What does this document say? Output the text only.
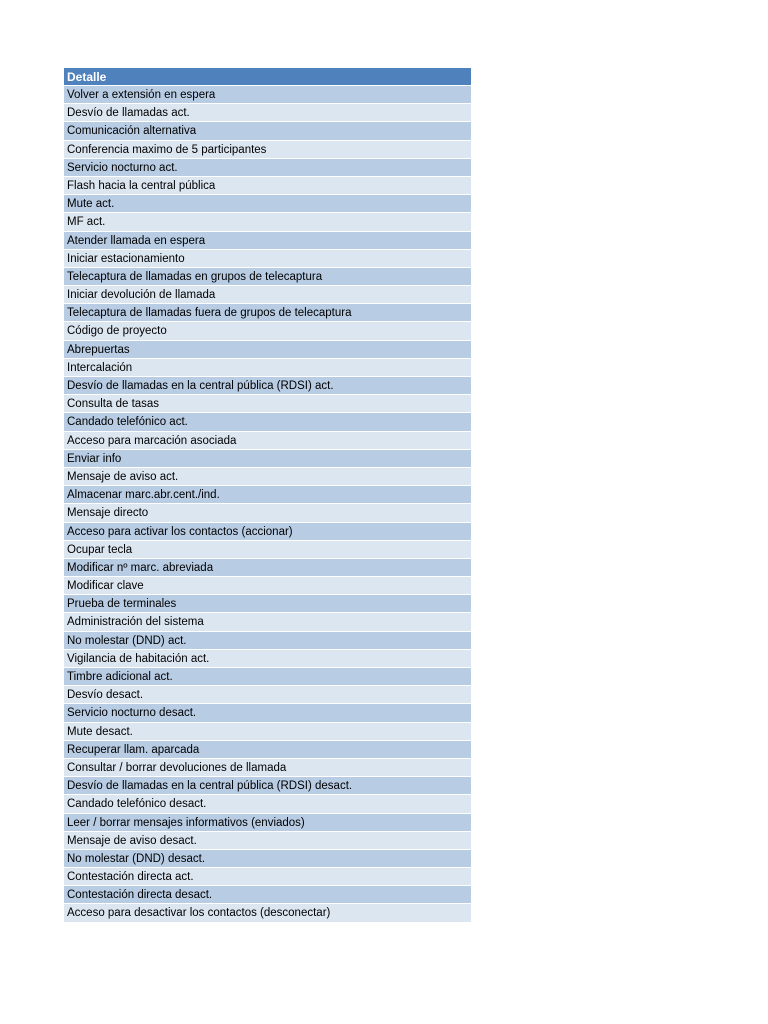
Detalle
Volver a extensión en espera
Desvío de llamadas act.
Comunicación alternativa
Conferencia maximo de 5 participantes
Servicio nocturno act.
Flash hacia la central pública
Mute act.
MF act.
Atender llamada en espera
Iniciar estacionamiento
Telecaptura de llamadas en grupos de telecaptura
Iniciar devolución de llamada
Telecaptura de llamadas fuera de grupos de telecaptura
Código de proyecto
Abrepuertas
Intercalación
Desvío de llamadas en la central pública (RDSI) act.
Consulta de tasas
Candado telefónico act.
Acceso para marcación asociada
Enviar info
Mensaje de aviso act.
Almacenar marc.abr.cent./ind.
Mensaje directo
Acceso para activar los contactos (accionar)
Ocupar tecla
Modificar nº marc. abreviada
Modificar clave
Prueba de terminales
Administración del sistema
No molestar (DND) act.
Vigilancia de habitación act.
Timbre adicional act.
Desvío desact.
Servicio nocturno desact.
Mute desact.
Recuperar llam. aparcada
Consultar / borrar devoluciones de llamada
Desvío de llamadas en la central pública (RDSI) desact.
Candado telefónico desact.
Leer / borrar mensajes informativos (enviados)
Mensaje de aviso desact.
No molestar (DND) desact.
Contestación directa act.
Contestación directa desact.
Acceso para desactivar los contactos (desconectar)
